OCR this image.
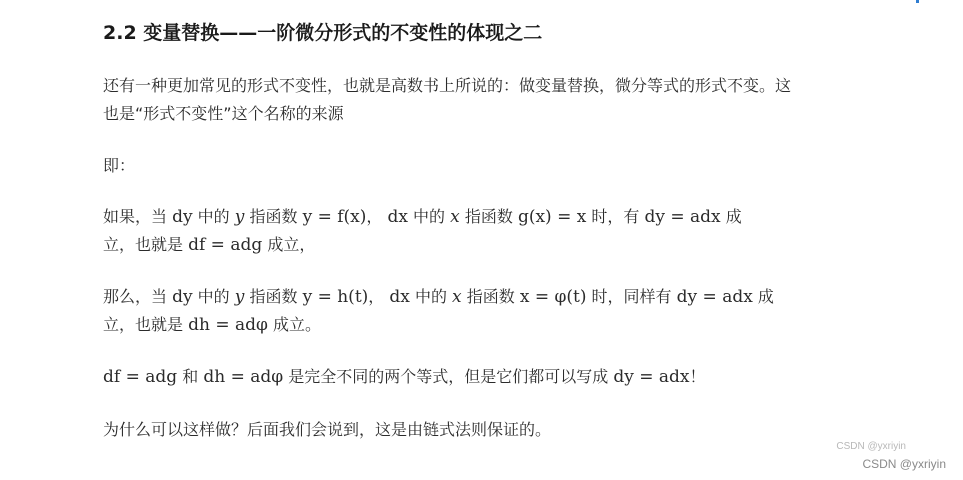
2.2 变量替换——一阶微分形式的不变性的体现之二

还有一种更加常见的形式不变性，也就是高数书上所说的：做变量替换，微分等式的形式不变。这
也是“形式不变性”这个名称的来源

即：

如果，当 dy 中的 y 指函数 y = f(x)， dx 中的 x 指函数 g(x) = x 时，有 dy = adx 成
立，也就是 df = adg 成立，

那么，当 dy 中的 y 指函数 y = h(t)， dx 中的 x 指函数 x = φ(t) 时，同样有 dy = adx 成
立，也就是 dh = adφ 成立。

df = adg 和 dh = adφ 是完全不同的两个等式，但是它们都可以写成 dy = adx！

为什么可以这样做？后面我们会说到，这是由链式法则保证的。

CSDN @yxriyin
CSDN @yxriyin
